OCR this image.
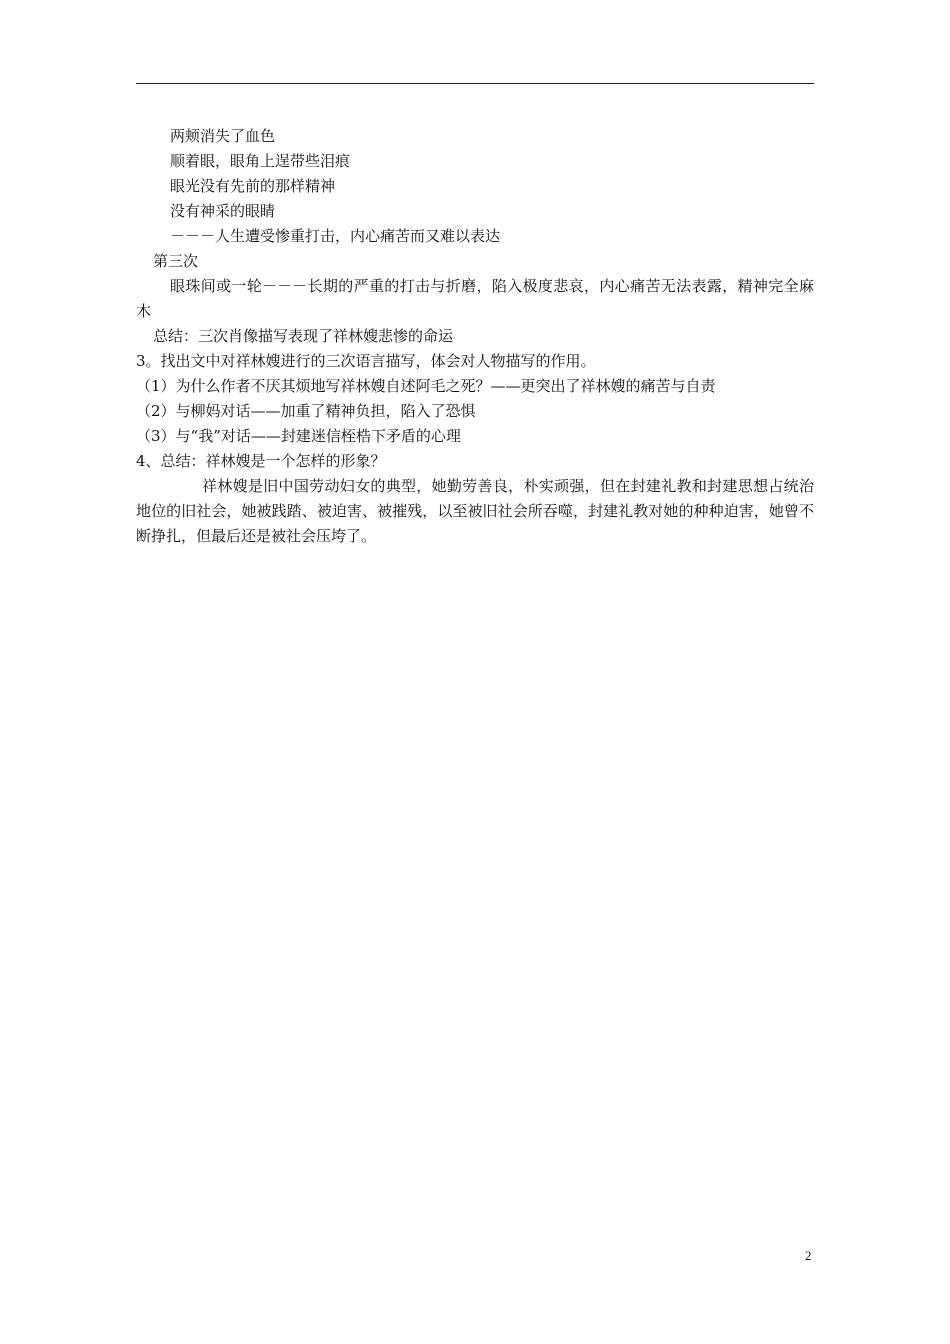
两颊消失了血色
顺着眼，眼角上逞带些泪痕
眼光没有先前的那样精神
没有神采的眼睛
－－－人生遭受惨重打击，内心痛苦而又难以表达
第三次
眼珠间或一轮－－－长期的严重的打击与折磨，陷入极度悲哀，内心痛苦无法表露，精神完全麻木
总结：三次肖像描写表现了祥林嫂悲惨的命运
3。找出文中对祥林嫂进行的三次语言描写，体会对人物描写的作用。
（1）为什么作者不厌其烦地写祥林嫂自述阿毛之死？——更突出了祥林嫂的痛苦与自责
（2）与柳妈对话——加重了精神负担，陷入了恐惧
（3）与“我”对话——封建迷信桎梏下矛盾的心理
4、总结：祥林嫂是一个怎样的形象？
祥林嫂是旧中国劳动妇女的典型，她勤劳善良，朴实顽强，但在封建礼教和封建思想占统治地位的旧社会，她被践踏、被迫害、被摧残，以至被旧社会所吞噬，封建礼教对她的种种迫害，她曾不断挣扎，但最后还是被社会压垮了。
2
